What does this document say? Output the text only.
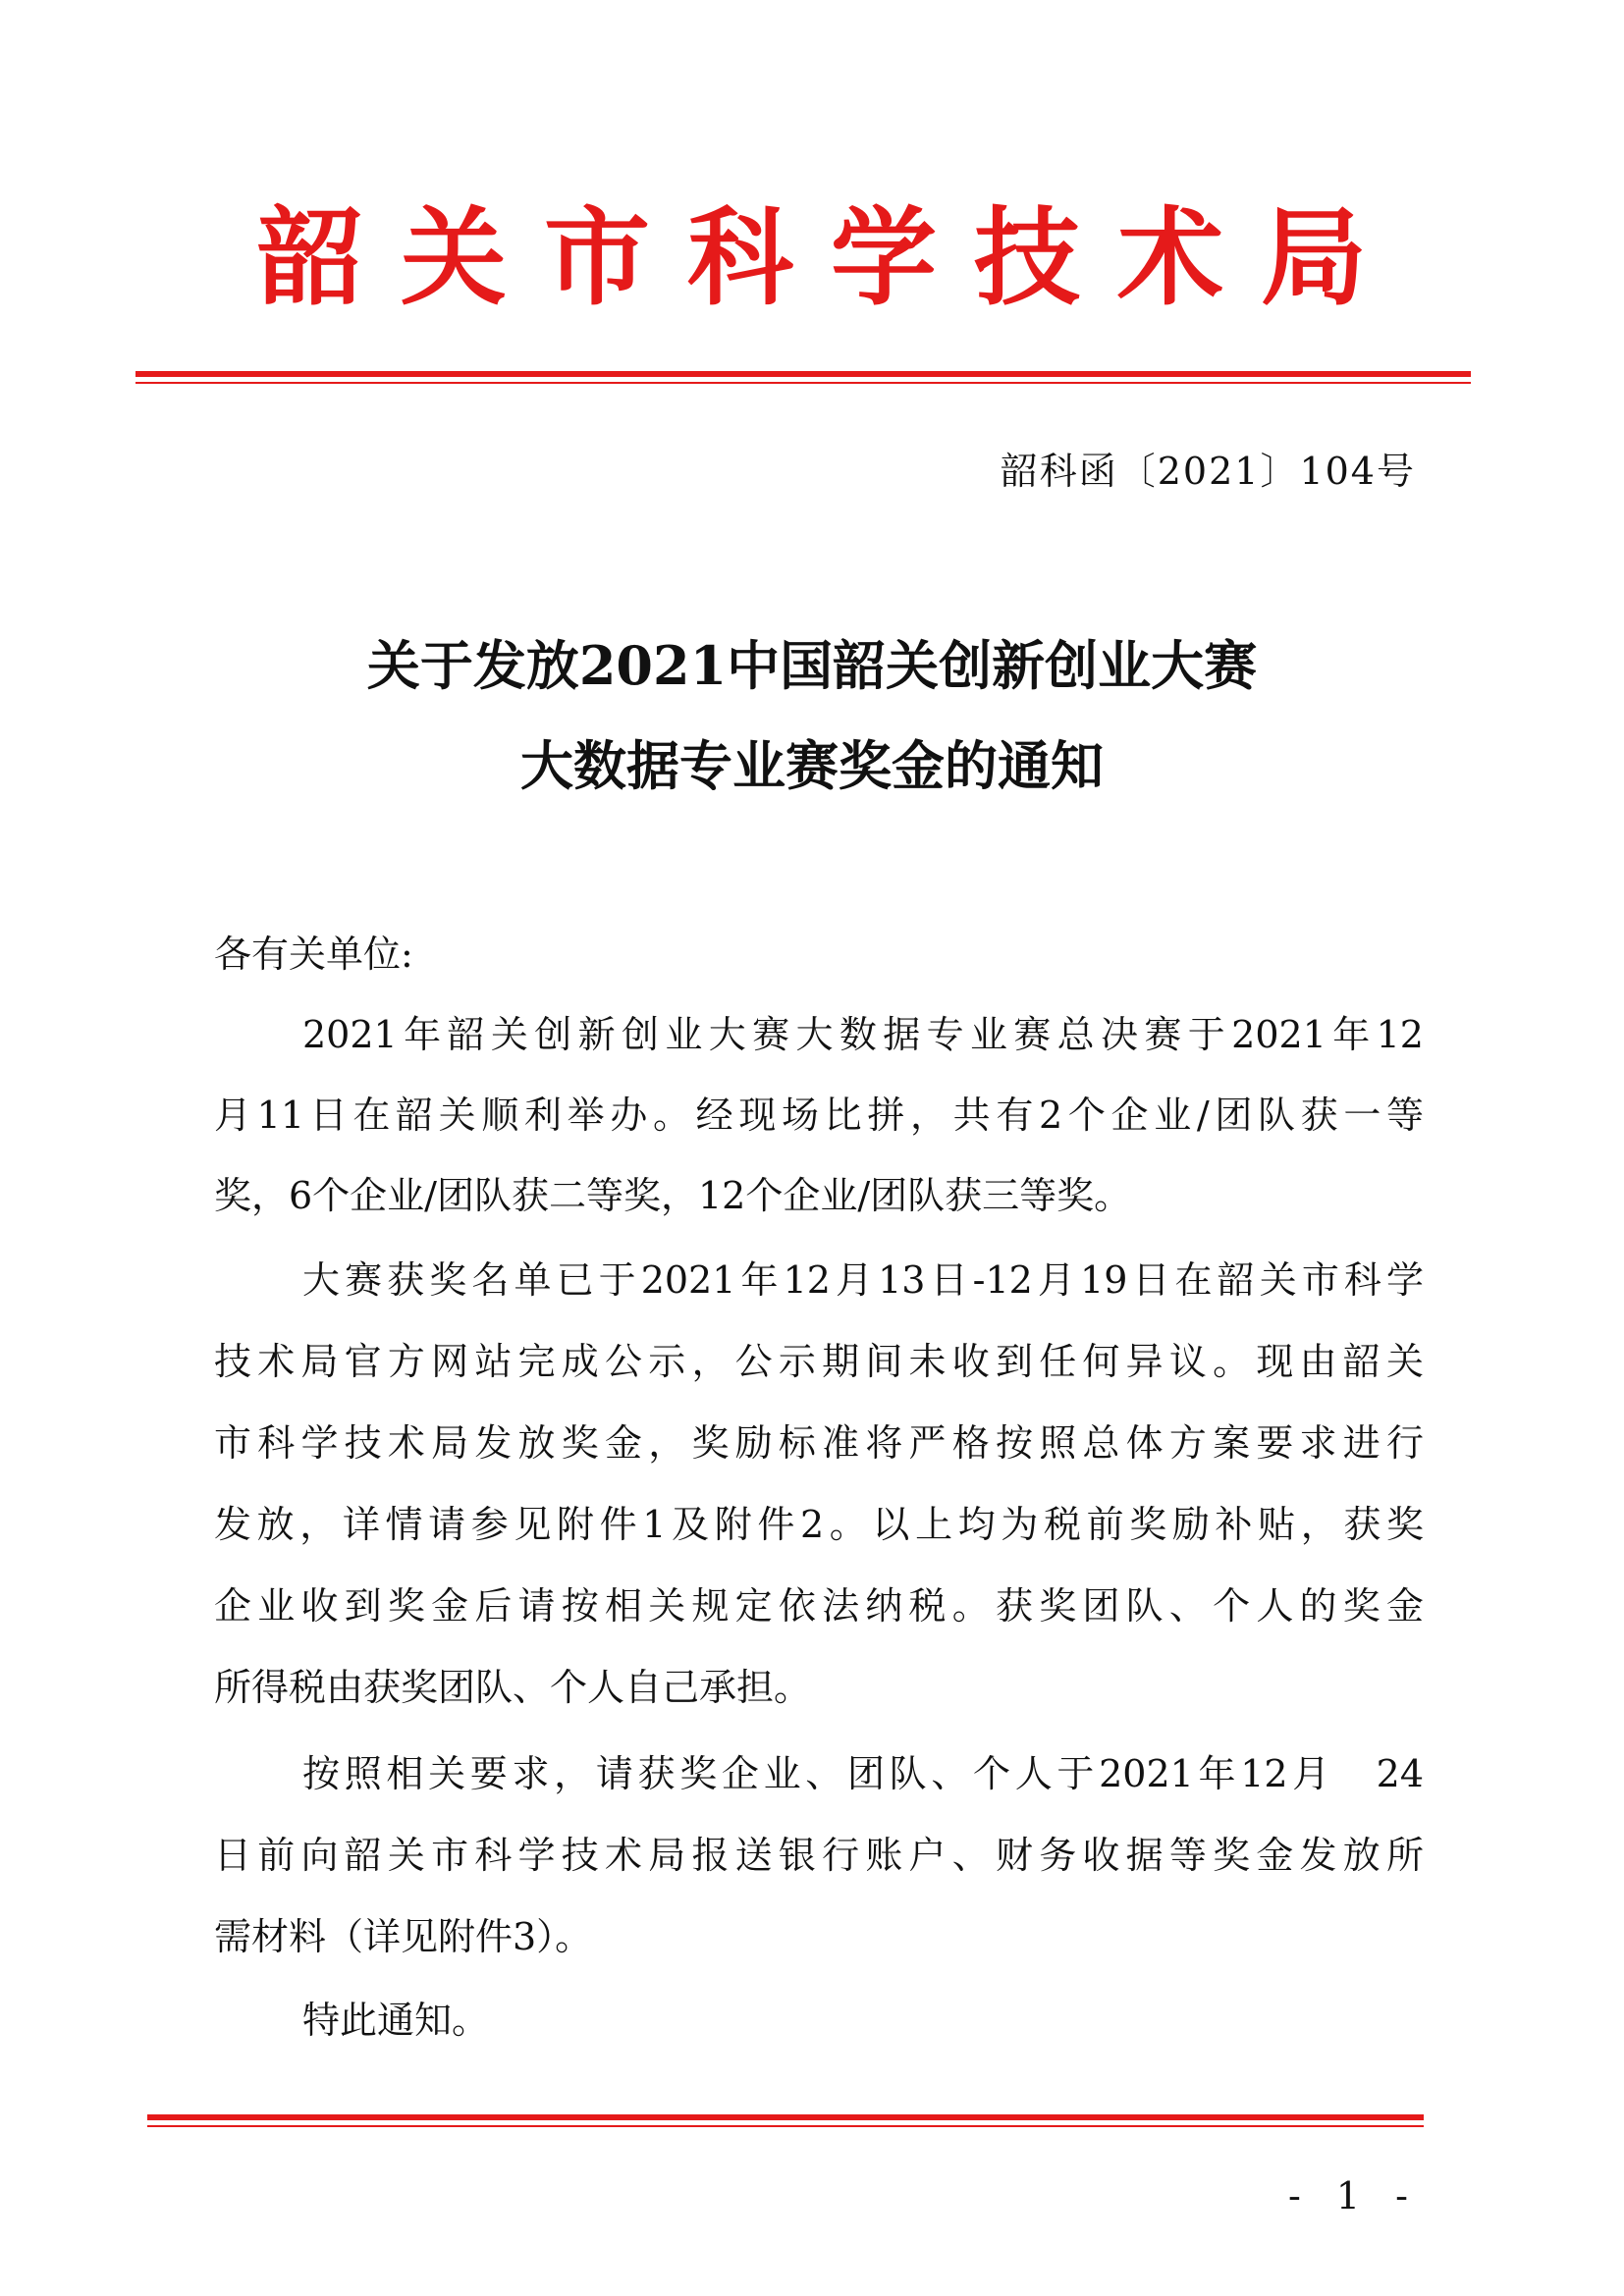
韶关市科学技术局
韶科函〔2021〕104号
关于发放2021中国韶关创新创业大赛
大数据专业赛奖金的通知
各有关单位:
2021年韶关创新创业大赛大数据专业赛总决赛于2021年12
月11日在韶关顺利举办。经现场比拼，共有2个企业/团队获一等
奖，6个企业/团队获二等奖，12个企业/团队获三等奖。
大赛获奖名单已于2021年12月13日-12月19日在韶关市科学
技术局官方网站完成公示，公示期间未收到任何异议。现由韶关
市科学技术局发放奖金，奖励标准将严格按照总体方案要求进行
发放，详情请参见附件1及附件2。以上均为税前奖励补贴，获奖
企业收到奖金后请按相关规定依法纳税。获奖团队、个人的奖金
所得税由获奖团队、个人自己承担。
按照相关要求，请获奖企业、团队、个人于2021年12月　24
日前向韶关市科学技术局报送银行账户、财务收据等奖金发放所
需材料（详见附件3）。
特此通知。
- 1 -
